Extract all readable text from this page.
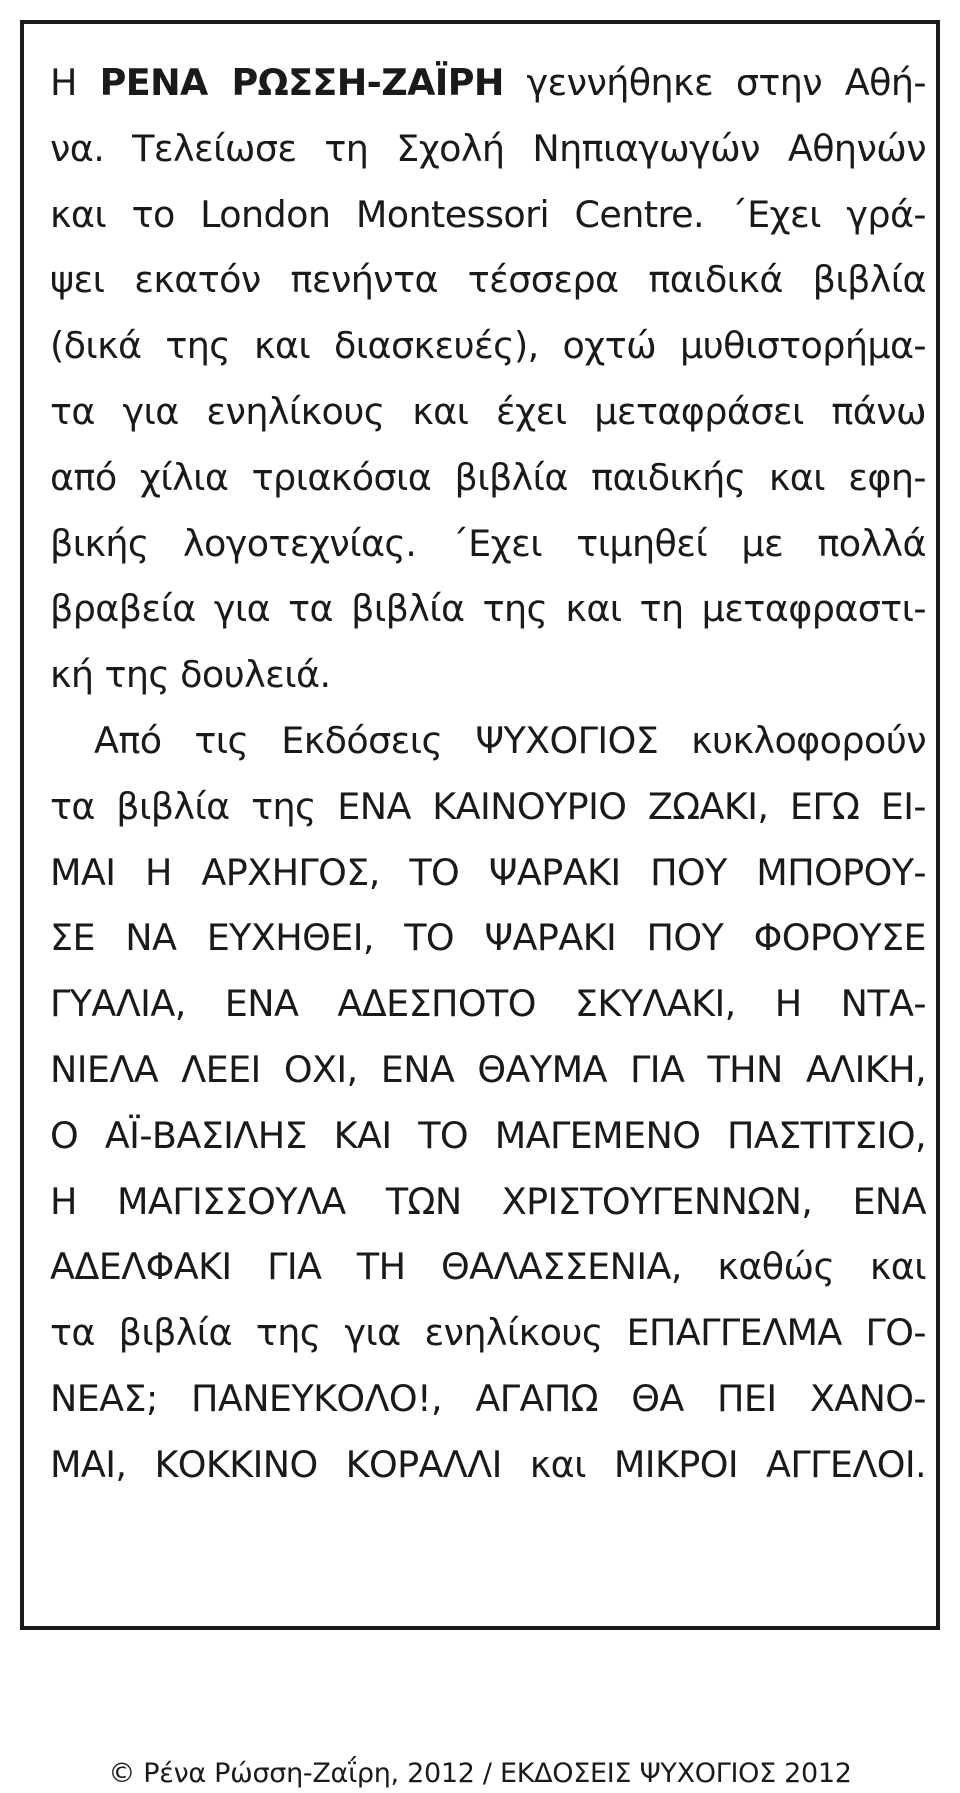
Η ΡΕΝΑ ΡΩΣΣΗ-ΖΑΪΡΗ γεννήθηκε στην Αθή-
να. Τελείωσε τη Σχολή Νηπιαγωγών Αθηνών
και το London Montessori Centre. ΄Εχει γρά-
ψει εκατόν πενήντα τέσσερα παιδικά βιβλία
(δικά της και διασκευές), οχτώ μυθιστορήμα-
τα για ενηλίκους και έχει μεταφράσει πάνω
από χίλια τριακόσια βιβλία παιδικής και εφη-
βικής λογοτεχνίας. ΄Εχει τιμηθεί με πολλά
βραβεία για τα βιβλία της και τη μεταφραστι-
κή της δουλειά.
Από τις Εκδόσεις ΨΥΧΟΓΙΟΣ κυκλοφορούν
τα βιβλία της ΕΝΑ ΚΑΙΝΟΥΡΙΟ ΖΩΑΚΙ, ΕΓΩ ΕΙ-
ΜΑΙ Η ΑΡΧΗΓΟΣ, ΤΟ ΨΑΡΑΚΙ ΠΟΥ ΜΠΟΡΟΥ-
ΣΕ ΝΑ ΕΥΧΗΘΕΙ, ΤΟ ΨΑΡΑΚΙ ΠΟΥ ΦΟΡΟΥΣΕ
ΓΥΑΛΙΑ, ΕΝΑ ΑΔΕΣΠΟΤΟ ΣΚΥΛΑΚΙ, Η ΝΤΑ-
ΝΙΕΛΑ ΛΕΕΙ ΟΧΙ, ΕΝΑ ΘΑΥΜΑ ΓΙΑ ΤΗΝ ΑΛΙΚΗ,
Ο ΑΪ-ΒΑΣΙΛΗΣ ΚΑΙ ΤΟ ΜΑΓΕΜΕΝΟ ΠΑΣΤΙΤΣΙΟ,
Η ΜΑΓΙΣΣΟΥΛΑ ΤΩΝ ΧΡΙΣΤΟΥΓΕΝΝΩΝ, ΕΝΑ
ΑΔΕΛΦΑΚΙ ΓΙΑ ΤΗ ΘΑΛΑΣΣΕΝΙΑ, καθώς και
τα βιβλία της για ενηλίκους ΕΠΑΓΓΕΛΜΑ ΓΟ-
ΝΕΑΣ; ΠΑΝΕΥΚΟΛΟ!, ΑΓΑΠΩ ΘΑ ΠΕΙ ΧΑΝΟ-
ΜΑΙ, ΚΟΚΚΙΝΟ ΚΟΡΑΛΛΙ και ΜΙΚΡΟΙ ΑΓΓΕΛΟΙ.
© Ρένα Ρώσση-Ζαΐρη, 2012 / ΕΚΔΟΣΕΙΣ ΨΥΧΟΓΙΟΣ 2012
